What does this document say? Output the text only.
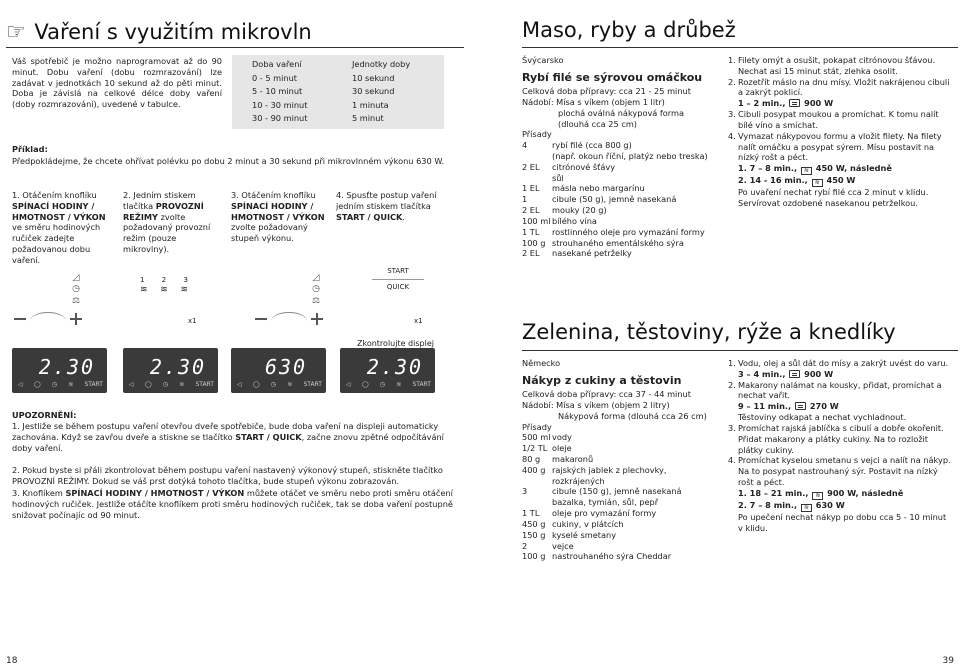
☞ Vaření s využitím mikrovln
Váš spotřebič je možno naprogramovat až do 90 minut. Dobu vaření (dobu rozmrazování) lze zadávat v jednotkách 10 sekund až do pěti minut. Doba je závislá na celkové délce doby vaření (doby rozmrazování), uvedené v tabulce.
Doba vaření	Jednotky doby
0 - 5 minut	10 sekund
5 - 10 minut	30 sekund
10 - 30 minut	1 minuta
30 - 90 minut	5 minut
Příklad:
Předpokládejme, že chcete ohřívat polévku po dobu 2 minut a 30 sekund při mikrovlnném výkonu 630 W.
1. Otáčením knoflíku SPÍNACÍ HODINY / HMOTNOST / VÝKON ve směru hodinových ručiček zadejte požadovanou dobu vaření.
2. Jedním stiskem tlačítka PROVOZNÍ REŽIMY zvolte požadovaný provozní režim (pouze mikrovlny).
3. Otáčením knoflíku SPÍNACÍ HODINY / HMOTNOST / VÝKON zvolte požadovaný stupeň výkonu.
4. Spusťte postup vaření jedním stiskem tlačítka START / QUICK.
◿
◷
⚖
1 2 3
≋ ≋ ≋
x1
◿
◷
⚖
START
QUICK
x1
Zkontrolujte displej
2.30
◁ ◯ ◷ ≋ START
2.30
◁ ◯ ◷ ≋ START
630
◁ ◯ ◷ ≋ START
2.30
◁ ◯ ◷ ≋ START
UPOZORNĚNÍ:
1. Jestliže se během postupu vaření otevřou dveře spotřebiče, bude doba vaření na displeji automaticky zachována. Když se zavřou dveře a stiskne se tlačítko START / QUICK, začne znovu zpětné odpočítávání doby vaření.
2. Pokud byste si přáli zkontrolovat během postupu vaření nastavený výkonový stupeň, stiskněte tlačítko PROVOZNÍ REŽIMY. Dokud se váš prst dotýká tohoto tlačítka, bude stupeň výkonu zobrazován.
3. Knoflíkem SPÍNACÍ HODINY / HMOTNOST / VÝKON můžete otáčet ve směru nebo proti směru otáčení hodinových ručiček. Jestliže otáčíte knoflíkem proti směru hodinových ručiček, tak se doba vaření postupně snižovat počínajíc od 90 minut.
18
Maso, ryby a drůbež
Švýcarsko
Rybí filé se sýrovou omáčkou
Celková doba přípravy: cca 21 - 25 minut
Nádobí: Mísa s víkem (objem 1 litr)
plochá oválná nákypová forma
(dlouhá cca 25 cm)
Přísady
4	rybí filé (cca 800 g)
(např. okoun říční, platýz nebo treska)
2 EL	citrónové šťávy
sůl
1 EL	másla nebo margarínu
1	cibule (50 g), jemně nasekaná
2 EL	mouky (20 g)
100 ml bílého vína
1 TL	rostlinného oleje pro vymazání formy
100 g strouhaného ementálského sýra
2 EL	nasekané petrželky
1. Filety omýt a osušit, pokapat citrónovou šťávou. Nechat asi 15 minut stát, zlehka osolit.
2. Rozetřít máslo na dnu mísy. Vložit nakrájenou cibuli a zakrýt poklicí.
1 – 2 min.,  900 W
3. Cibuli posypat moukou a promíchat. K tomu nalít bílé víno a smíchat.
4. Vymazat nákypovou formu a vložit filety. Na filety nalít omáčku a posypat sýrem. Mísu postavit na nízký rošt a péct.
1. 7 – 8 min., ≋ 450 W, následně
2. 14 - 16 min., ≋ 450 W
Po uvaření nechat rybí filé cca 2 minut v klidu. Servírovat ozdobené nasekanou petrželkou.
Zelenina, těstoviny, rýže a knedlíky
Německo
Nákyp z cukiny a těstovin
Celková doba přípravy: cca 37 - 44 minut
Nádobí: Mísa s víkem (objem 2 litry)
Nákypová forma (dlouhá cca 26 cm)
Přísady
500 ml vody
1/2 TL oleje
80 g	makaronů
400 g rajských jablek z plechovky,
rozkrájených
3	cibule (150 g), jemně nasekaná
bazalka, tymián, sůl, pepř
1 TL	oleje pro vymazání formy
450 g cukiny, v plátcích
150 g kyselé smetany
2	vejce
100 g nastrouhaného sýra Cheddar
1. Vodu, olej a sůl dát do mísy a zakrýt uvést do varu.
3 – 4 min.,  900 W
2. Makarony nalámat na kousky, přidat, promíchat a nechat vařit.
9 – 11 min.,  270 W
Těstoviny odkapat a nechat vychladnout.
3. Promíchat rajská jablíčka s cibulí a dobře okořenit. Přidat makarony a plátky cukiny. Na to rozložit plátky cukiny.
4. Promíchat kyselou smetanu s vejci a nalít na nákyp. Na to posypat nastrouhaný sýr. Postavit na nízký rošt a péct.
1. 18 – 21 min., ≋ 900 W, následně
2. 7 – 8 min., ≋ 630 W
Po upečení nechat nákyp po dobu cca 5 - 10 minut v klidu.
39
